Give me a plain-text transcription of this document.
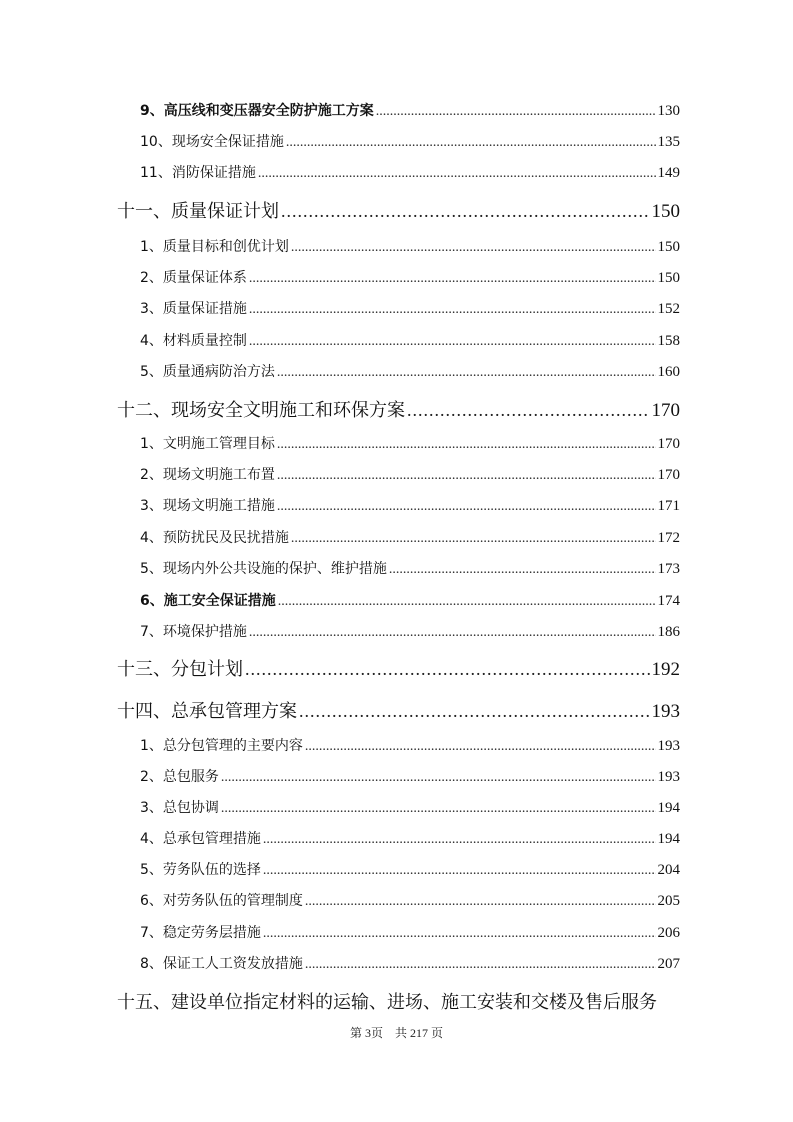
9、高压线和变压器安全防护施工方案 .....	130
10、现场安全保证措施 .....	135
11、消防保证措施 .....	149
十一、质量保证计划 .....	150
1、质量目标和创优计划 .....	150
2、质量保证体系 .....	150
3、质量保证措施 .....	152
4、材料质量控制 .....	158
5、质量通病防治方法 .....	160
十二、现场安全文明施工和环保方案 .....	170
1、文明施工管理目标 .....	170
2、现场文明施工布置 .....	170
3、现场文明施工措施 .....	171
4、预防扰民及民扰措施 .....	172
5、现场内外公共设施的保护、维护措施 .....	173
6、施工安全保证措施 .....	174
7、环境保护措施 .....	186
十三、分包计划 .....	192
十四、总承包管理方案 .....	193
1、总分包管理的主要内容 .....	193
2、总包服务 .....	193
3、总包协调 .....	194
4、总承包管理措施 .....	194
5、劳务队伍的选择 .....	204
6、对劳务队伍的管理制度 .....	205
7、稳定劳务层措施 .....	206
8、保证工人工资发放措施 .....	207
十五、建设单位指定材料的运输、进场、施工安装和交楼及售后服务
第 3页　共 217 页
